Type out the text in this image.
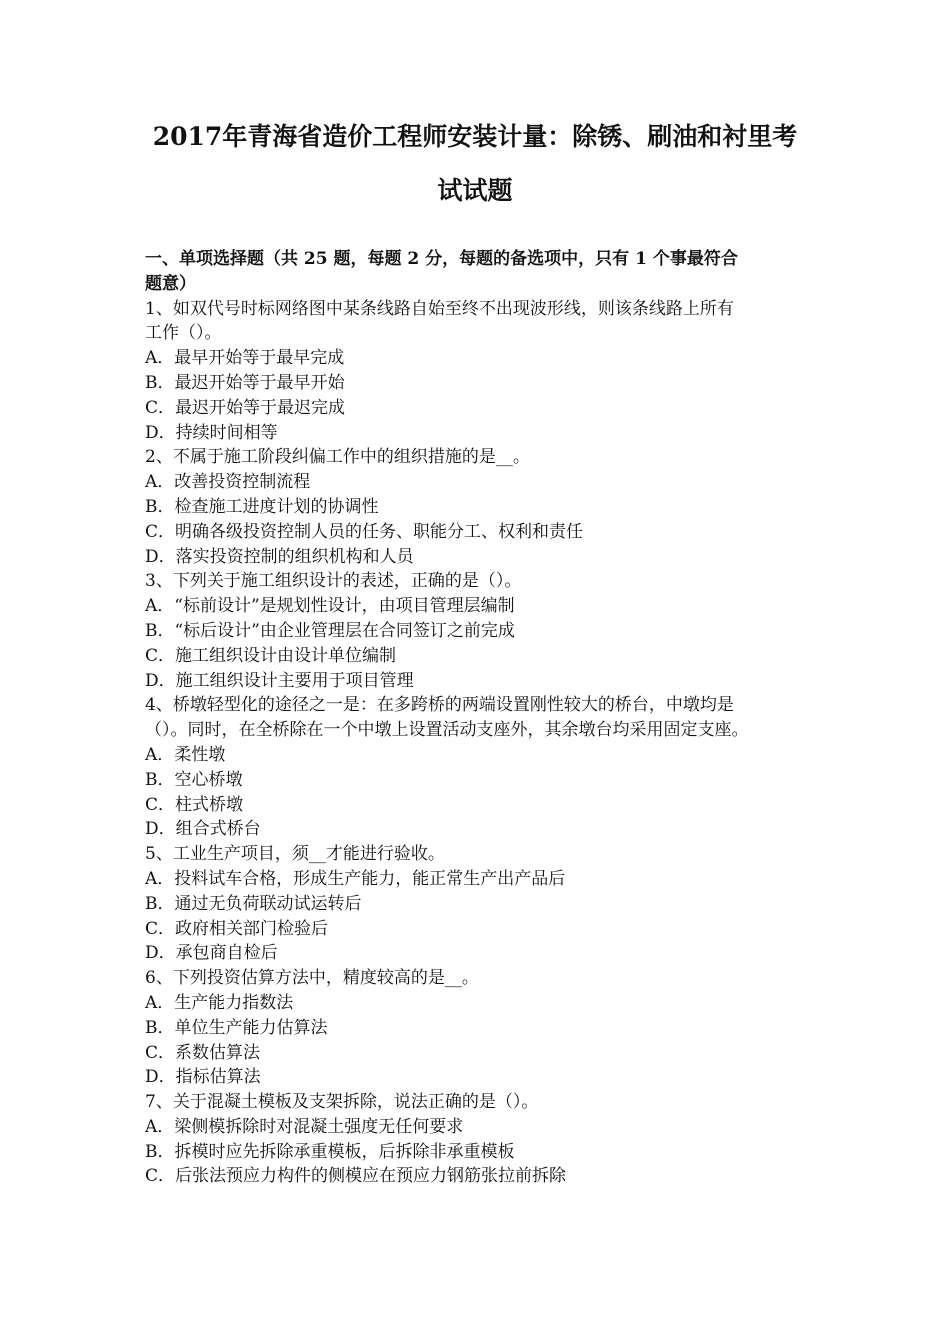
2017年青海省造价工程师安装计量：除锈、刷油和衬里考
试试题
一、单项选择题（共 25 题，每题 2 分，每题的备选项中，只有 1 个事最符合
题意）
1、如双代号时标网络图中某条线路自始至终不出现波形线，则该条线路上所有
工作（）。
A．最早开始等于最早完成
B．最迟开始等于最早开始
C．最迟开始等于最迟完成
D．持续时间相等
2、不属于施工阶段纠偏工作中的组织措施的是__。
A．改善投资控制流程
B．检查施工进度计划的协调性
C．明确各级投资控制人员的任务、职能分工、权利和责任
D．落实投资控制的组织机构和人员
3、下列关于施工组织设计的表述，正确的是（）。
A．“标前设计”是规划性设计，由项目管理层编制
B．“标后设计”由企业管理层在合同签订之前完成
C．施工组织设计由设计单位编制
D．施工组织设计主要用于项目管理
4、桥墩轻型化的途径之一是：在多跨桥的两端设置刚性较大的桥台，中墩均是
（）。同时，在全桥除在一个中墩上设置活动支座外，其余墩台均采用固定支座。
A．柔性墩
B．空心桥墩
C．柱式桥墩
D．组合式桥台
5、工业生产项目，须__才能进行验收。
A．投料试车合格，形成生产能力，能正常生产出产品后
B．通过无负荷联动试运转后
C．政府相关部门检验后
D．承包商自检后
6、下列投资估算方法中，精度较高的是__。
A．生产能力指数法
B．单位生产能力估算法
C．系数估算法
D．指标估算法
7、关于混凝土模板及支架拆除，说法正确的是（）。
A．梁侧模拆除时对混凝土强度无任何要求
B．拆模时应先拆除承重模板，后拆除非承重模板
C．后张法预应力构件的侧模应在预应力钢筋张拉前拆除
